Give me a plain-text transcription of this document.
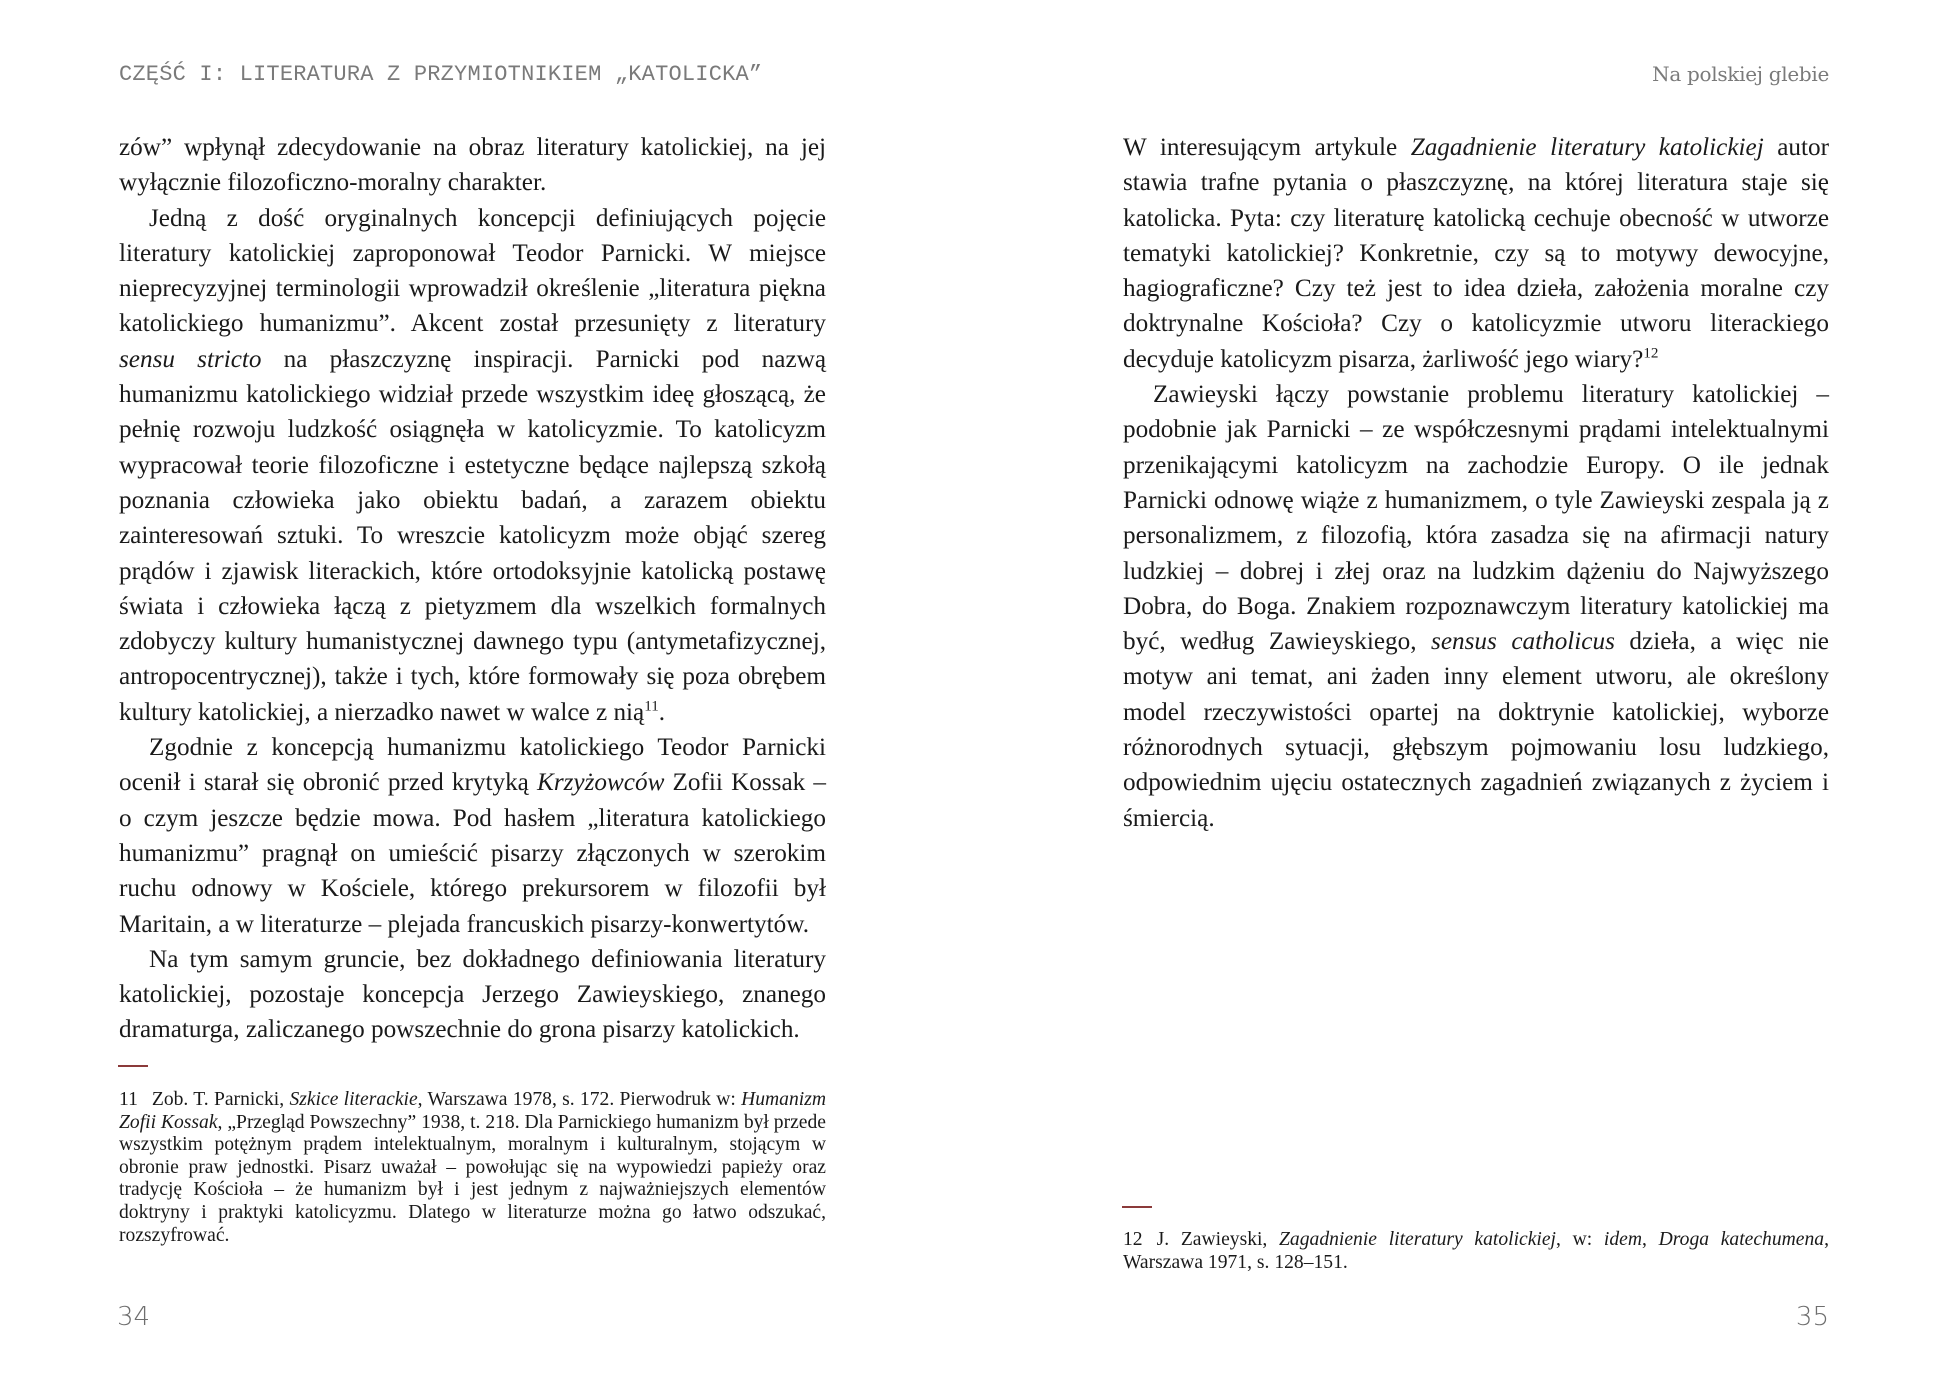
CZĘŚĆ I: LITERATURA Z PRZYMIOTNIKIEM „KATOLICKA”

zów” wpłynął zdecydowanie na obraz literatury katolickiej, na jej wyłącznie filozoficzno-moralny charakter.

Jedną z dość oryginalnych koncepcji definiujących pojęcie literatury katolickiej zaproponował Teodor Parnicki. W miejsce nieprecyzyjnej terminologii wprowadził określenie „literatura piękna katolickiego humanizmu”. Akcent został przesunięty z literatury sensu stricto na płaszczyznę inspiracji. Parnicki pod nazwą humanizmu katolickiego widział przede wszystkim ideę głoszącą, że pełnię rozwoju ludzkość osiągnęła w katolicyzmie. To katolicyzm wypracował teorie filozoficzne i estetyczne będące najlepszą szkołą poznania człowieka jako obiektu badań, a zarazem obiektu zainteresowań sztuki. To wreszcie katolicyzm może objąć szereg prądów i zjawisk literackich, które ortodoksyjnie katolicką postawę świata i człowieka łączą z pietyzmem dla wszelkich formalnych zdobyczy kultury humanistycznej dawnego typu (antymetafizycznej, antropocentrycznej), także i tych, które formowały się poza obrębem kultury katolickiej, a nierzadko nawet w walce z nią$^{11}$.

Zgodnie z koncepcją humanizmu katolickiego Teodor Parnicki ocenił i starał się obronić przed krytyką Krzyżowców Zofii Kossak – o czym jeszcze będzie mowa. Pod hasłem „literatura katolickiego humanizmu” pragnął on umieścić pisarzy złączonych w szerokim ruchu odnowy w Kościele, którego prekursorem w filozofii był Maritain, a w literaturze – plejada francuskich pisarzy-konwertytów.

Na tym samym gruncie, bez dokładnego definiowania literatury katolickiej, pozostaje koncepcja Jerzego Zawieyskiego, znanego dramaturga, zaliczanego powszechnie do grona pisarzy katolickich.

11 Zob. T. Parnicki, Szkice literackie, Warszawa 1978, s. 172. Pierwodruk w: Humanizm Zofii Kossak, „Przegląd Powszechny” 1938, t. 218. Dla Parnickiego humanizm był przede wszystkim potężnym prądem intelektualnym, moralnym i kulturalnym, stojącym w obronie praw jednostki. Pisarz uważał – powołując się na wypowiedzi papieży oraz tradycję Kościoła – że humanizm był i jest jednym z najważniejszych elementów doktryny i praktyki katolicyzmu. Dlatego w literaturze można go łatwo odszukać, rozszyfrować.
34
Na polskiej glebie

W interesującym artykule Zagadnienie literatury katolickiej autor stawia trafne pytania o płaszczyznę, na której literatura staje się katolicka. Pyta: czy literaturę katolicką cechuje obecność w utworze tematyki katolickiej? Konkretnie, czy są to motywy dewocyjne, hagiograficzne? Czy też jest to idea dzieła, założenia moralne czy doktrynalne Kościoła? Czy o katolicyzmie utworu literackiego decyduje katolicyzm pisarza, żarliwość jego wiary?$^{12}$

Zawieyski łączy powstanie problemu literatury katolickiej – podobnie jak Parnicki – ze współczesnymi prądami intelektualnymi przenikającymi katolicyzm na zachodzie Europy. O ile jednak Parnicki odnowę wiąże z humanizmem, o tyle Zawieyski zespala ją z personalizmem, z filozofią, która zasadza się na afirmacji natury ludzkiej – dobrej i złej oraz na ludzkim dążeniu do Najwyższego Dobra, do Boga. Znakiem rozpoznawczym literatury katolickiej ma być, według Zawieyskiego, sensus catholicus dzieła, a więc nie motyw ani temat, ani żaden inny element utworu, ale określony model rzeczywistości opartej na doktrynie katolickiej, wyborze różnorodnych sytuacji, głębszym pojmowaniu losu ludzkiego, odpowiednim ujęciu ostatecznych zagadnień związanych z życiem i śmiercią.

12 J. Zawieyski, Zagadnienie literatury katolickiej, w: idem, Droga katechumena, Warszawa 1971, s. 128–151.
35
